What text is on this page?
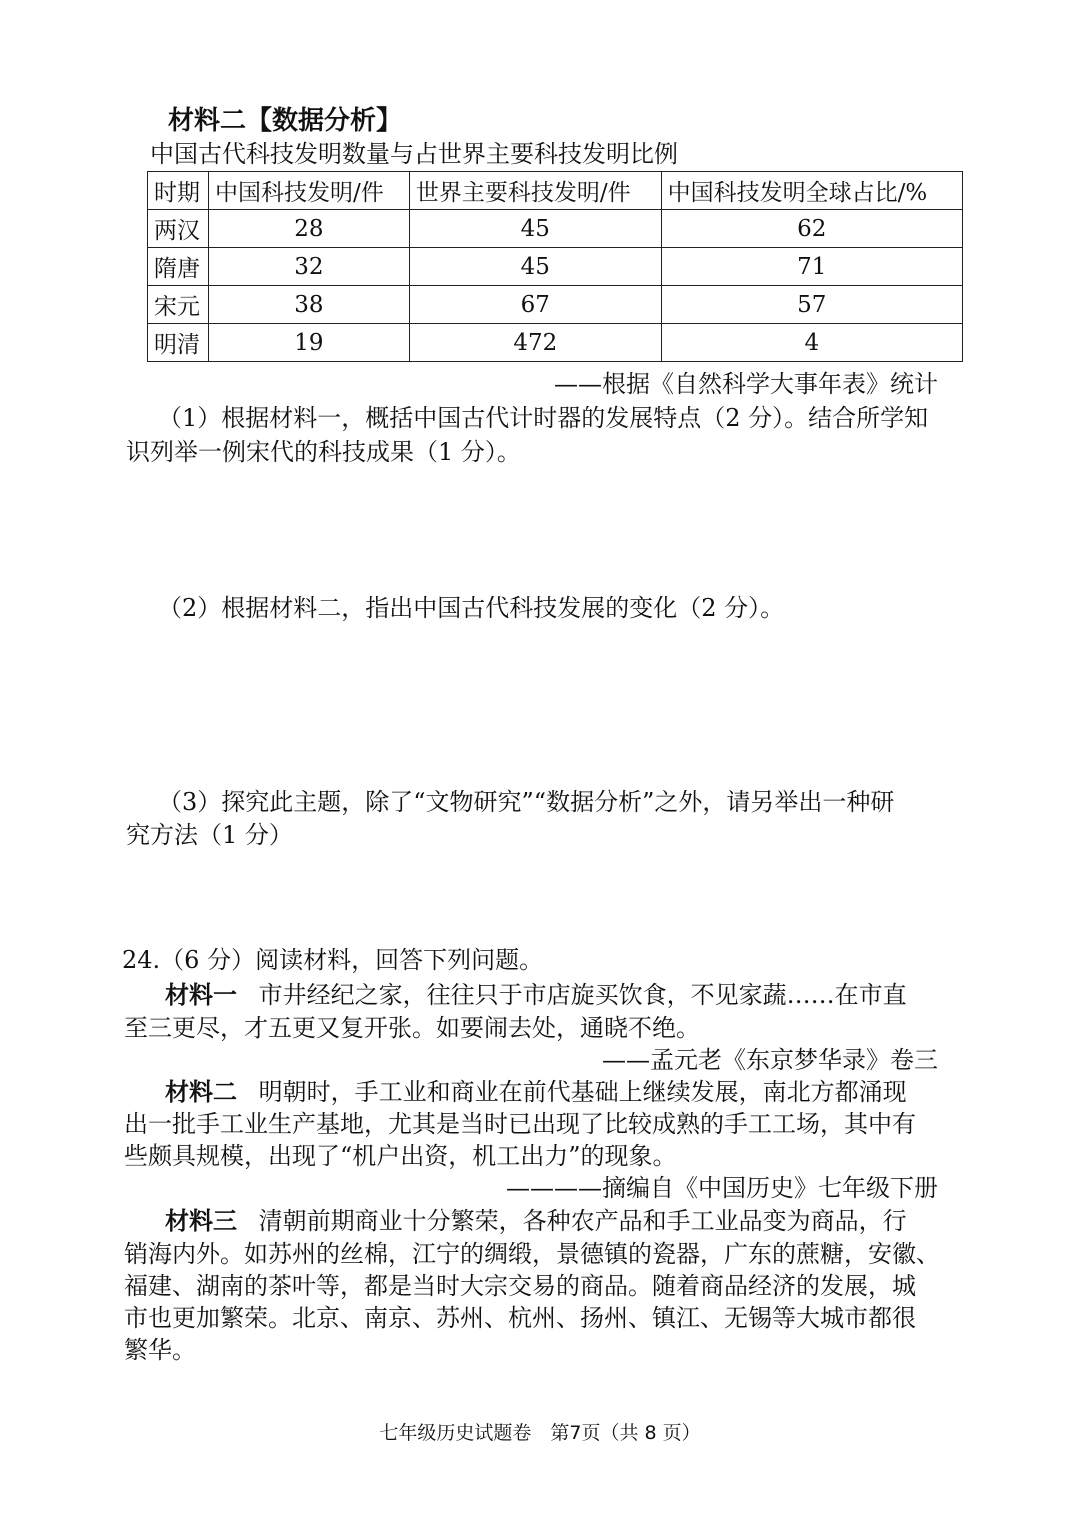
材料二【数据分析】
中国古代科技发明数量与占世界主要科技发明比例
时期	中国科技发明/件	世界主要科技发明/件	中国科技发明全球占比/%
两汉	28	45	62
隋唐	32	45	71
宋元	38	67	57
明清	19	472	4
——根据《自然科学大事年表》统计
（1）根据材料一，概括中国古代计时器的发展特点（2 分）。结合所学知
识列举一例宋代的科技成果（1 分）。
（2）根据材料二，指出中国古代科技发展的变化（2 分）。
（3）探究此主题，除了“文物研究”“数据分析”之外，请另举出一种研
究方法（1 分）
24.（6 分）阅读材料，回答下列问题。
材料一 市井经纪之家，往往只于市店旋买饮食，不见家蔬……在市直
至三更尽，才五更又复开张。如要闹去处，通晓不绝。
——孟元老《东京梦华录》卷三
材料二 明朝时，手工业和商业在前代基础上继续发展，南北方都涌现
出一批手工业生产基地，尤其是当时已出现了比较成熟的手工工场，其中有
些颇具规模，出现了“机户出资，机工出力”的现象。
————摘编自《中国历史》七年级下册
材料三 清朝前期商业十分繁荣，各种农产品和手工业品变为商品，行
销海内外。如苏州的丝棉，江宁的绸缎，景德镇的瓷器，广东的蔗糖，安徽、
福建、湖南的茶叶等，都是当时大宗交易的商品。随着商品经济的发展，城
市也更加繁荣。北京、南京、苏州、杭州、扬州、镇江、无锡等大城市都很
繁华。
七年级历史试题卷　第7页（共 8 页）
